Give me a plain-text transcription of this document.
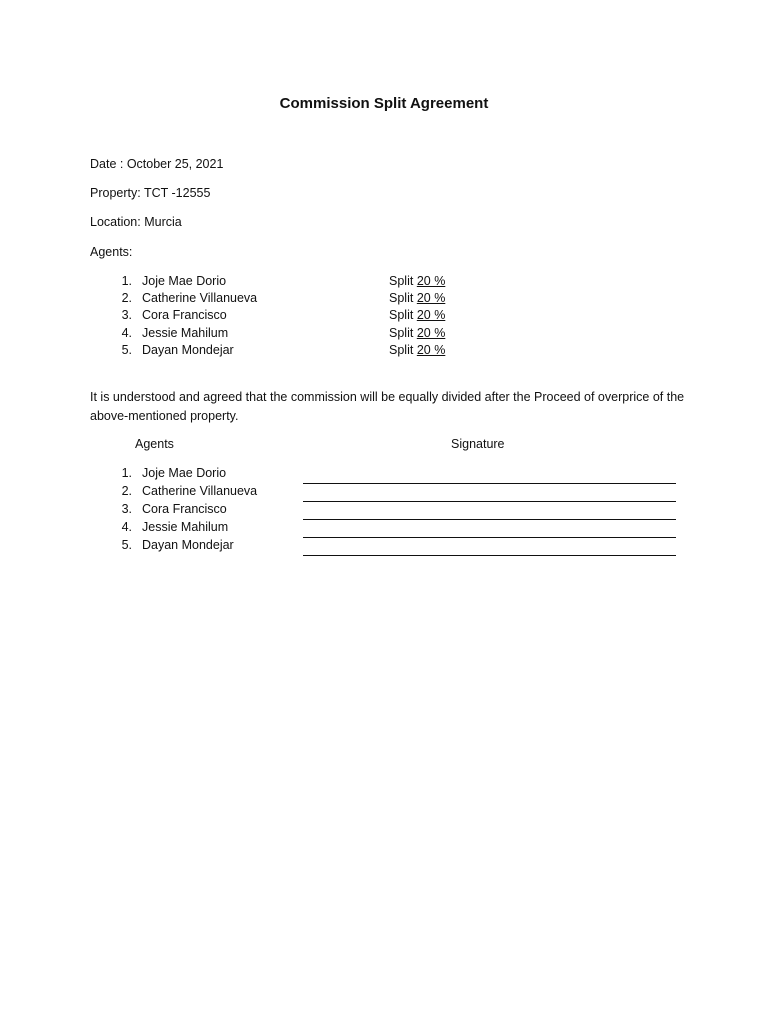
Commission Split Agreement
Date : October 25, 2021
Property: TCT -12555
Location: Murcia
Agents:
1. Joje Mae Dorio	Split 20 %
2. Catherine Villanueva	Split 20 %
3. Cora Francisco	Split 20 %
4. Jessie Mahilum	Split 20 %
5. Dayan Mondejar	Split 20 %
It is understood and agreed that the commission will be equally divided after the Proceed of overprice of the above-mentioned property.
Agents	Signature
1. Joje Mae Dorio
2. Catherine Villanueva
3. Cora Francisco
4. Jessie Mahilum
5. Dayan Mondejar
